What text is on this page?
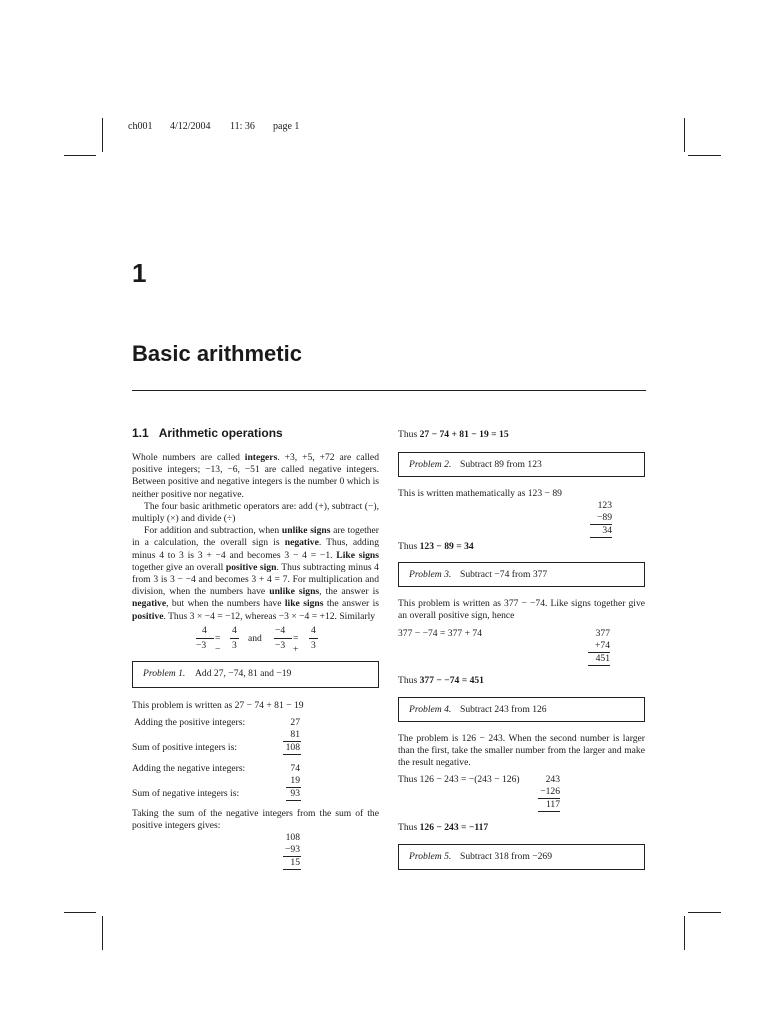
ch001 4/12/2004 11: 36 page 1
1
Basic arithmetic
1.1 Arithmetic operations

Whole numbers are called integers. +3, +5, +72 are called positive integers; −13, −6, −51 are called negative integers. Between positive and negative integers is the number 0 which is neither positive nor negative.

The four basic arithmetic operators are: add (+), subtract (−), multiply (×) and divide (÷)

For addition and subtraction, when unlike signs are together in a calculation, the overall sign is negative. Thus, adding minus 4 to 3 is 3 + −4 and becomes 3 − 4 = −1. Like signs together give an overall positive sign. Thus subtracting minus 4 from 3 is 3 − −4 and becomes 3 + 4 = 7. For multiplication and division, when the numbers have unlike signs, the answer is negative, but when the numbers have like signs the answer is positive. Thus 3 × −4 = −12, whereas −3 × −4 = +12. Similarly

4
−3
= −
4
3
and
−4
−3
= +
4
3
Problem 1. Add 27, −74, 81 and −19
This problem is written as 27 − 74 + 81 − 19
Adding the positive integers:	27
81
Sum of positive integers is:	108
Adding the negative integers:	74
19
Sum of negative integers is:	93
Taking the sum of the negative integers from the sum of the positive integers gives:
108
−93
15
Thus 27 − 74 + 81 − 19 = 15
Problem 2. Subtract 89 from 123
This is written mathematically as 123 − 89
123
−89
34
Thus 123 − 89 = 34
Problem 3. Subtract −74 from 377
This problem is written as 377 − −74. Like signs together give an overall positive sign, hence
377 − −74 = 377 + 74	377
+74
451
Thus 377 − −74 = 451
Problem 4. Subtract 243 from 126
The problem is 126 − 243. When the second number is larger than the first, take the smaller number from the larger and make the result negative.
Thus 126 − 243 = −(243 − 126)	243
−126
117
Thus 126 − 243 = −117
Problem 5. Subtract 318 from −269
